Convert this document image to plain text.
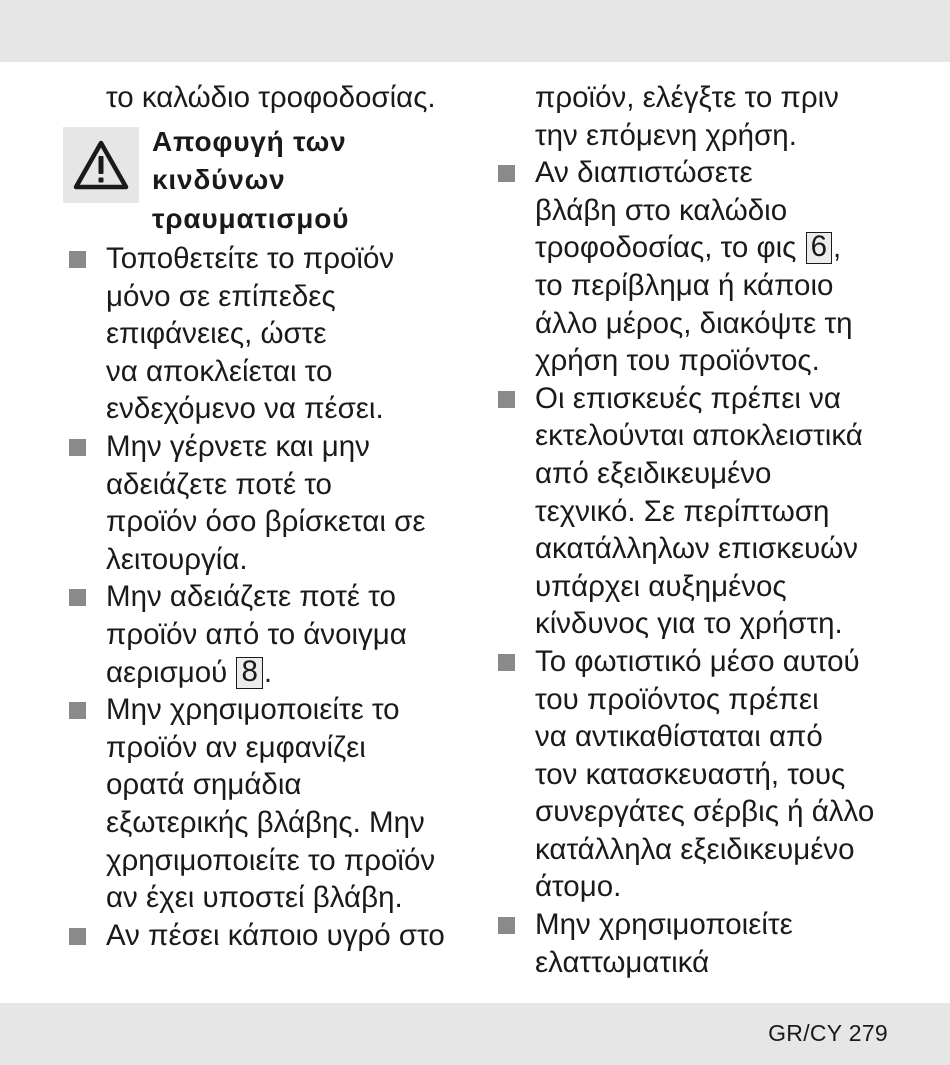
το καλώδιο τροφοδοσίας.
Αποφυγή των
κινδύνων
τραυματισμού
Τοποθετείτε το προϊόν
μόνο σε επίπεδες
επιφάνειες, ώστε
να αποκλείεται το
ενδεχόμενο να πέσει.
Μην γέρνετε και μην
αδειάζετε ποτέ το
προϊόν όσο βρίσκεται σε
λειτουργία.
Μην αδειάζετε ποτέ το
προϊόν από το άνοιγμα
αερισμού 8 .
Μην χρησιμοποιείτε το
προϊόν αν εμφανίζει
ορατά σημάδια
εξωτερικής βλάβης. Μην
χρησιμοποιείτε το προϊόν
αν έχει υποστεί βλάβη.
Αν πέσει κάποιο υγρό στο
προϊόν, ελέγξτε το πριν
την επόμενη χρήση.
Αν διαπιστώσετε
βλάβη στο καλώδιο
τροφοδοσίας, το φις 6 ,
το περίβλημα ή κάποιο
άλλο μέρος, διακόψτε τη
χρήση του προϊόντος.
Οι επισκευές πρέπει να
εκτελούνται αποκλειστικά
από εξειδικευμένο
τεχνικό. Σε περίπτωση
ακατάλληλων επισκευών
υπάρχει αυξημένος
κίνδυνος για το χρήστη.
Το φωτιστικό μέσο αυτού
του προϊόντος πρέπει
να αντικαθίσταται από
τον κατασκευαστή, τους
συνεργάτες σέρβις ή άλλο
κατάλληλα εξειδικευμένο
άτομο.
Μην χρησιμοποιείτε
ελαττωματικά
GR/CY 279
